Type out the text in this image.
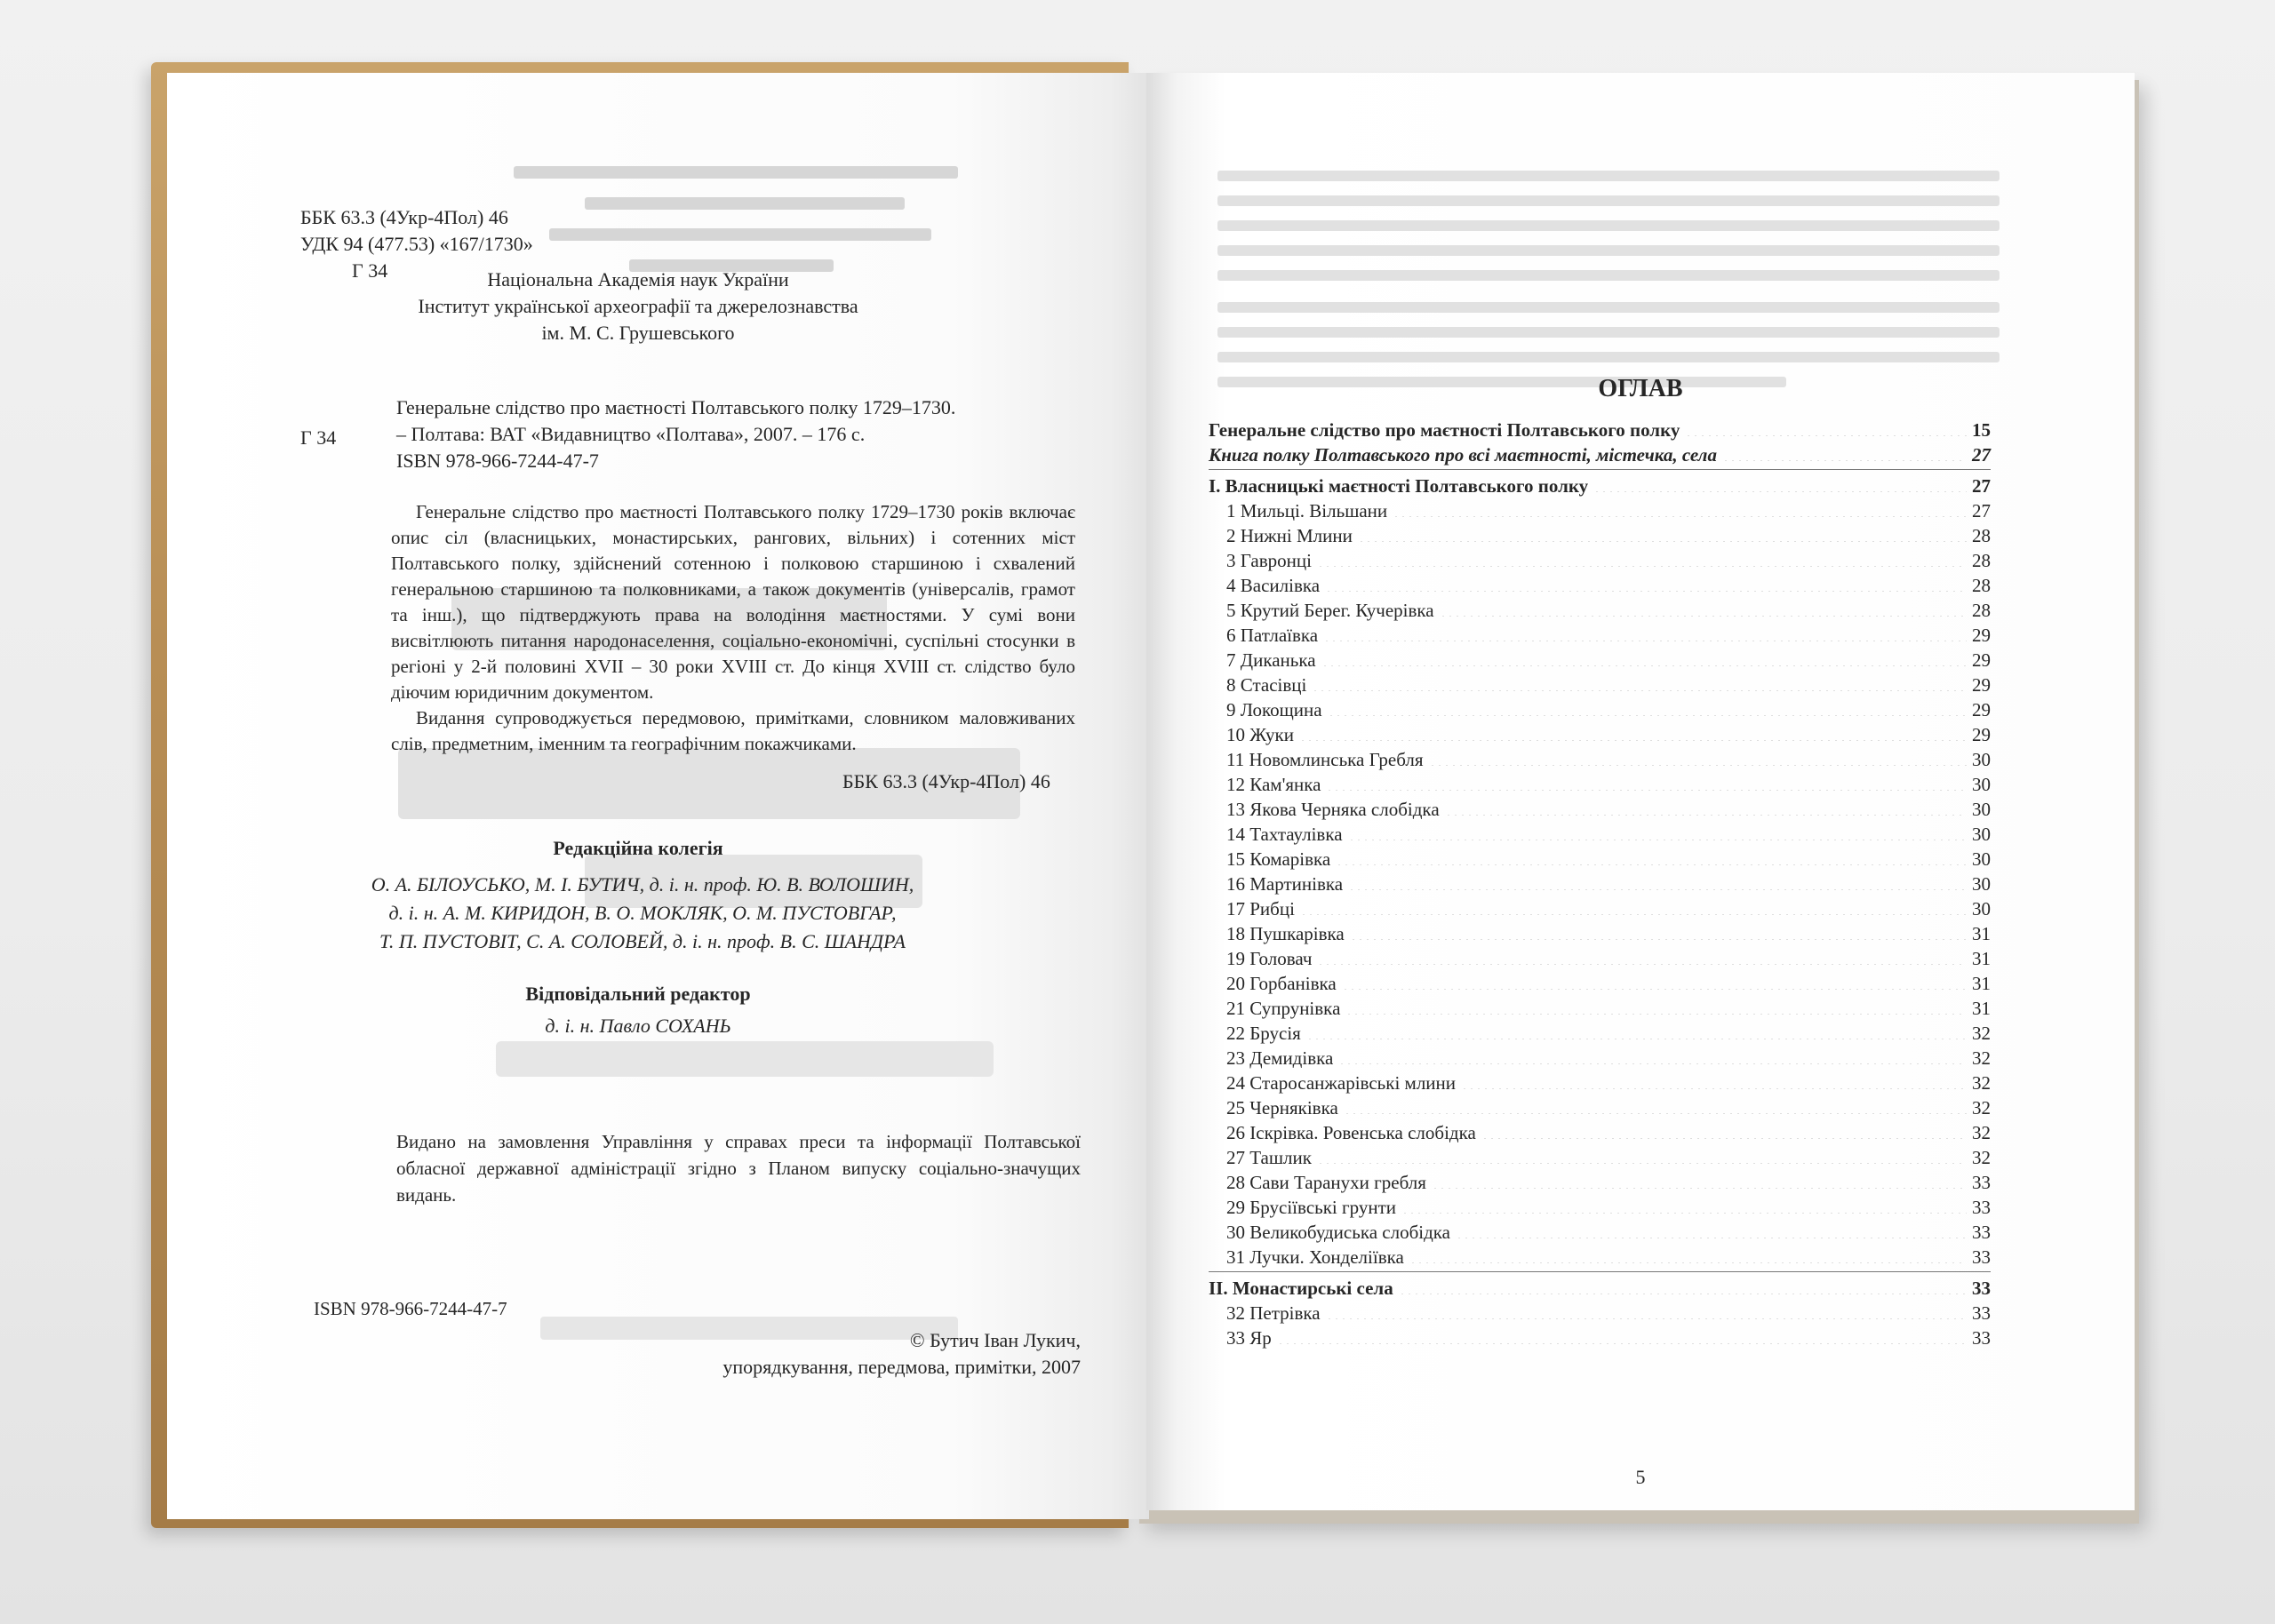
ББК 63.3 (4Укр-4Пол) 46
УДК 94 (477.53) «167/1730»
Г 34	Національна Академія наук України
Інститут української археографії та джерелознавства
ім. М. С. Грушевського
Г 34
Генеральне слідство про маєтності Полтавського полку 1729–1730.
– Полтава: ВАТ «Видавництво «Полтава», 2007. – 176 с.
ISBN 978-966-7244-47-7
Генеральне слідство про маєтності Полтавського полку 1729–1730 років включає опис сіл (власницьких, монастирських, рангових, вільних) і сотенних міст Полтавського полку, здійснений сотенною і полковою старшиною і схвалений генеральною старшиною та полковниками, а також документів (універсалів, грамот та інш.), що підтверджують права на володіння маєтностями. У сумі вони висвітлюють питання народонаселення, соціально-економічні, суспільні стосунки в регіоні у 2-й половині XVII – 30 роки XVIII ст. До кінця XVIII ст. слідство було діючим юридичним документом.
Видання супроводжується передмовою, примітками, словником маловживаних слів, предметним, іменним та географічним покажчиками.
ББК 63.3 (4Укр-4Пол) 46
Редакційна колегія
О. А. БІЛОУСЬКО, М. І. БУТИЧ, д. і. н. проф. Ю. В. ВОЛОШИН,
д. і. н. А. М. КИРИДОН, В. О. МОКЛЯК, О. М. ПУСТОВГАР,
Т. П. ПУСТОВІТ, С. А. СОЛОВЕЙ, д. і. н. проф. В. С. ШАНДРА
Відповідальний редактор
д. і. н. Павло СОХАНЬ
Видано на замовлення Управління у справах преси та інформації Полтавської обласної державної адміністрації згідно з Планом випуску соціально-значущих видань.
ISBN 978-966-7244-47-7
© Бутич Іван Лукич,
упорядкування, передмова, примітки, 2007
ОГЛАВ
Генеральне слідство про маєтності Полтавського полку	15
Книга полку Полтавського про всі маєтності, містечка, села	27
І. Власницькі маєтності Полтавського полку	27
1 Мильці. Вільшани	27
2 Нижні Млини	28
3 Гавронці	28
4 Василівка	28
5 Крутий Берег. Кучерівка	28
6 Патлаївка	29
7 Диканька	29
8 Стасівці	29
9 Локощина	29
10 Жуки	29
11 Новомлинська Гребля	30
12 Кам'янка	30
13 Якова Черняка слобідка	30
14 Тахтаулівка	30
15 Комарівка	30
16 Мартинівка	30
17 Рибці	30
18 Пушкарівка	31
19 Головач	31
20 Горбанівка	31
21 Супрунівка	31
22 Брусія	32
23 Демидівка	32
24 Старосанжарівські млини	32
25 Черняківка	32
26 Іскрівка. Ровенська слобідка	32
27 Ташлик	32
28 Сави Таранухи гребля	33
29 Брусіївські грунти	33
30 Великобудиська слобідка	33
31 Лучки. Хонделіївка	33
ІІ. Монастирські села	33
32 Петрівка	33
33 Яр	33
5
